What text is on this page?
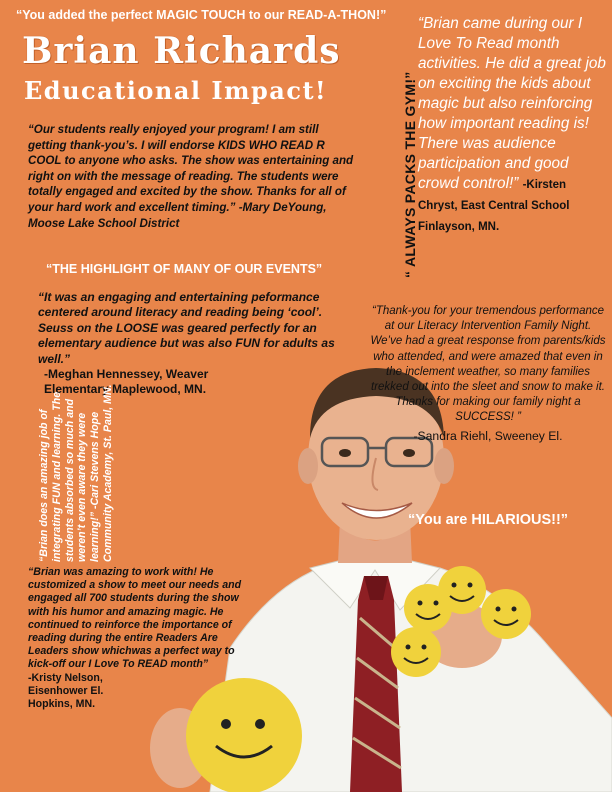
“You added the perfect MAGIC TOUCH to our READ-A-THON!”
Brian Richards
Educational Impact!
“Our students really enjoyed your program! I am still getting thank-you’s. I will endorse KIDS WHO READ R COOL to anyone who asks. The show was entertaining and right on with the message of reading. The students were totally engaged and excited by the show. Thanks for all of your hard work and excellent timing.” -Mary DeYoung, Moose Lake School District
“THE HIGHLIGHT OF MANY OF OUR EVENTS”
“It was an engaging and entertaining peformance centered around literacy and reading being ‘cool’. Seuss on the LOOSE was geared perfectly for an elementary audience but was also FUN for adults as well.”
-Meghan Hennessey, Weaver
Elementary Maplewood, MN.
“ ALWAYS PACKS THE GYM!”
“Brian came during our I Love To Read month activities. He did a great job on exciting the kids about magic but also reinforcing how important reading is! There was audience participation and good crowd control!” -Kirsten Chryst, East Central School Finlayson, MN.
“Thank-you for your tremendous performance at our Literacy Intervention Family Night. We’ve had a great response from parents/kids who attended, and were amazed that even in the inclement weather, so many families trekked out into the sleet and snow to make it. Thanks for making our family night a SUCCESS! ”
-Sandra Riehl, Sweeney El.
“You are HILARIOUS!!”
“Brian does an amazing job of integrating FUN and learning. The students absorbed so much and weren’t even aware they were learning!” -Cari Stevens Hope Community Academy, St. Paul, MN.
“Brian was amazing to work with! He customized a show to meet our needs and engaged all 700 students during the show with his humor and amazing magic. He continued to reinforce the importance of reading during the entire Readers Are Leaders show whichwas a perfect way to kick-off our I Love To READ month”
-Kristy Nelson,
Eisenhower El.
Hopkins, MN.
